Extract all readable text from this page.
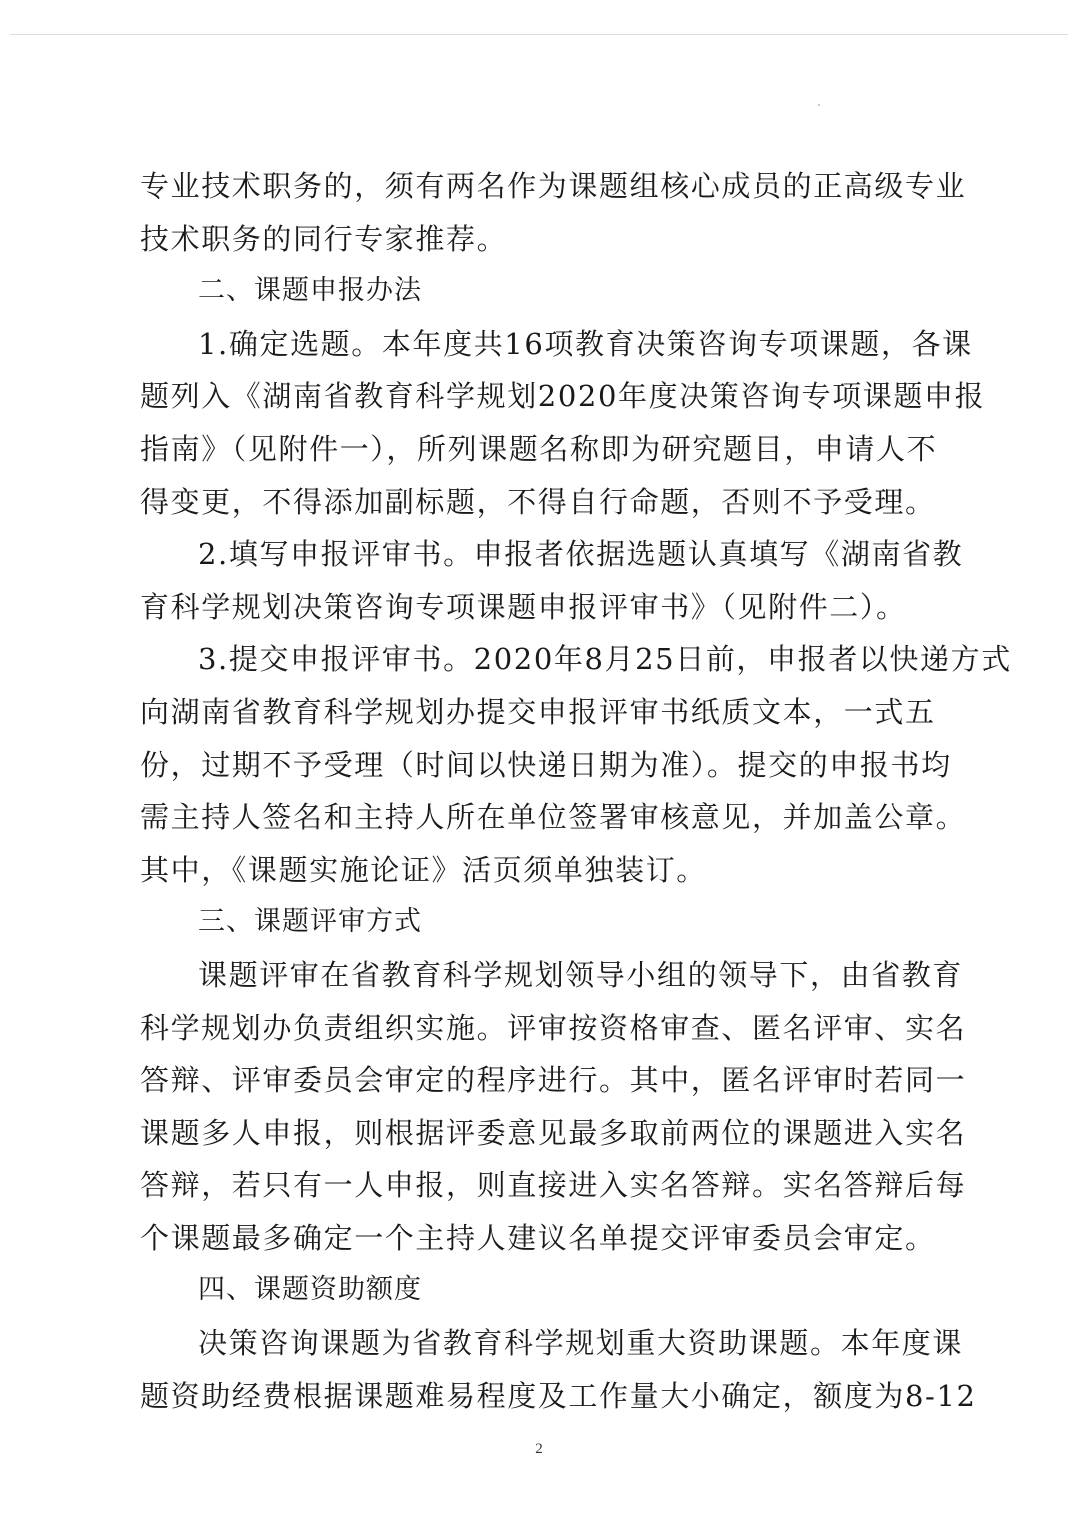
专业技术职务的，须有两名作为课题组核心成员的正高级专业
技术职务的同行专家推荐。
二、课题申报办法
1.确定选题。本年度共16项教育决策咨询专项课题，各课
题列入《湖南省教育科学规划2020年度决策咨询专项课题申报
指南》（见附件一），所列课题名称即为研究题目，申请人不
得变更，不得添加副标题，不得自行命题，否则不予受理。
2.填写申报评审书。申报者依据选题认真填写《湖南省教
育科学规划决策咨询专项课题申报评审书》（见附件二）。
3.提交申报评审书。2020年8月25日前，申报者以快递方式
向湖南省教育科学规划办提交申报评审书纸质文本，一式五
份，过期不予受理（时间以快递日期为准）。提交的申报书均
需主持人签名和主持人所在单位签署审核意见，并加盖公章。
其中，《课题实施论证》活页须单独装订。
三、课题评审方式
课题评审在省教育科学规划领导小组的领导下，由省教育
科学规划办负责组织实施。评审按资格审查、匿名评审、实名
答辩、评审委员会审定的程序进行。其中，匿名评审时若同一
课题多人申报，则根据评委意见最多取前两位的课题进入实名
答辩，若只有一人申报，则直接进入实名答辩。实名答辩后每
个课题最多确定一个主持人建议名单提交评审委员会审定。
四、课题资助额度
决策咨询课题为省教育科学规划重大资助课题。本年度课
题资助经费根据课题难易程度及工作量大小确定，额度为8-12
2
